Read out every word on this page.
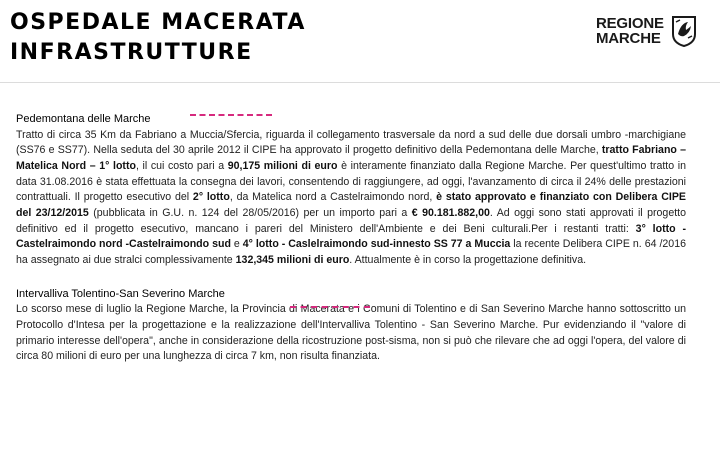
OSPEDALE MACERATA
INFRASTRUTTURE
REGIONE
MARCHE
Pedemontana delle Marche

Tratto di circa 35 Km da Fabriano a Muccia/Sfercia, riguarda il collegamento trasversale da nord a sud delle due dorsali umbro -marchigiane (SS76 e SS77). Nella seduta del 30 aprile 2012 il CIPE ha approvato il progetto definitivo della Pedemontana delle Marche, tratto Fabriano – Matelica Nord – 1° lotto, il cui costo pari a 90,175 milioni di euro è interamente finanziato dalla Regione Marche. Per quest'ultimo tratto in data 31.08.2016 è stata effettuata la consegna dei lavori, consentendo di raggiungere, ad oggi, l'avanzamento di circa il 24% delle prestazioni contrattuali. Il progetto esecutivo del 2° lotto, da Matelica nord a Castelraimondo nord, è stato approvato e finanziato con Delibera CIPE del 23/12/2015 (pubblicata in G.U. n. 124 del 28/05/2016) per un importo pari a € 90.181.882,00. Ad oggi sono stati approvati il progetto definitivo ed il progetto esecutivo, mancano i pareri del Ministero dell'Ambiente e dei Beni culturali.Per i restanti tratti: 3° lotto - Castelraimondo nord -Castelraimondo sud e 4° lotto - Caslelraimondo sud-innesto SS 77 a Muccia la recente Delibera CIPE n. 64 /2016 ha assegnato ai due stralci complessivamente 132,345 milioni di euro. Attualmente è in corso la progettazione definitiva.

Intervalliva Tolentino-San Severino Marche

Lo scorso mese di luglio la Regione Marche, la Provincia di Macerata e i Comuni di Tolentino e di San Severino Marche hanno sottoscritto un Protocollo d'Intesa per la progettazione e la realizzazione dell'Intervalliva Tolentino - San Severino Marche. Pur evidenziando il "valore di primario interesse dell'opera", anche in considerazione della ricostruzione post-sisma, non si può che rilevare che ad oggi l'opera, del valore di circa 80 milioni di euro per una lunghezza di circa 7 km, non risulta finanziata.
